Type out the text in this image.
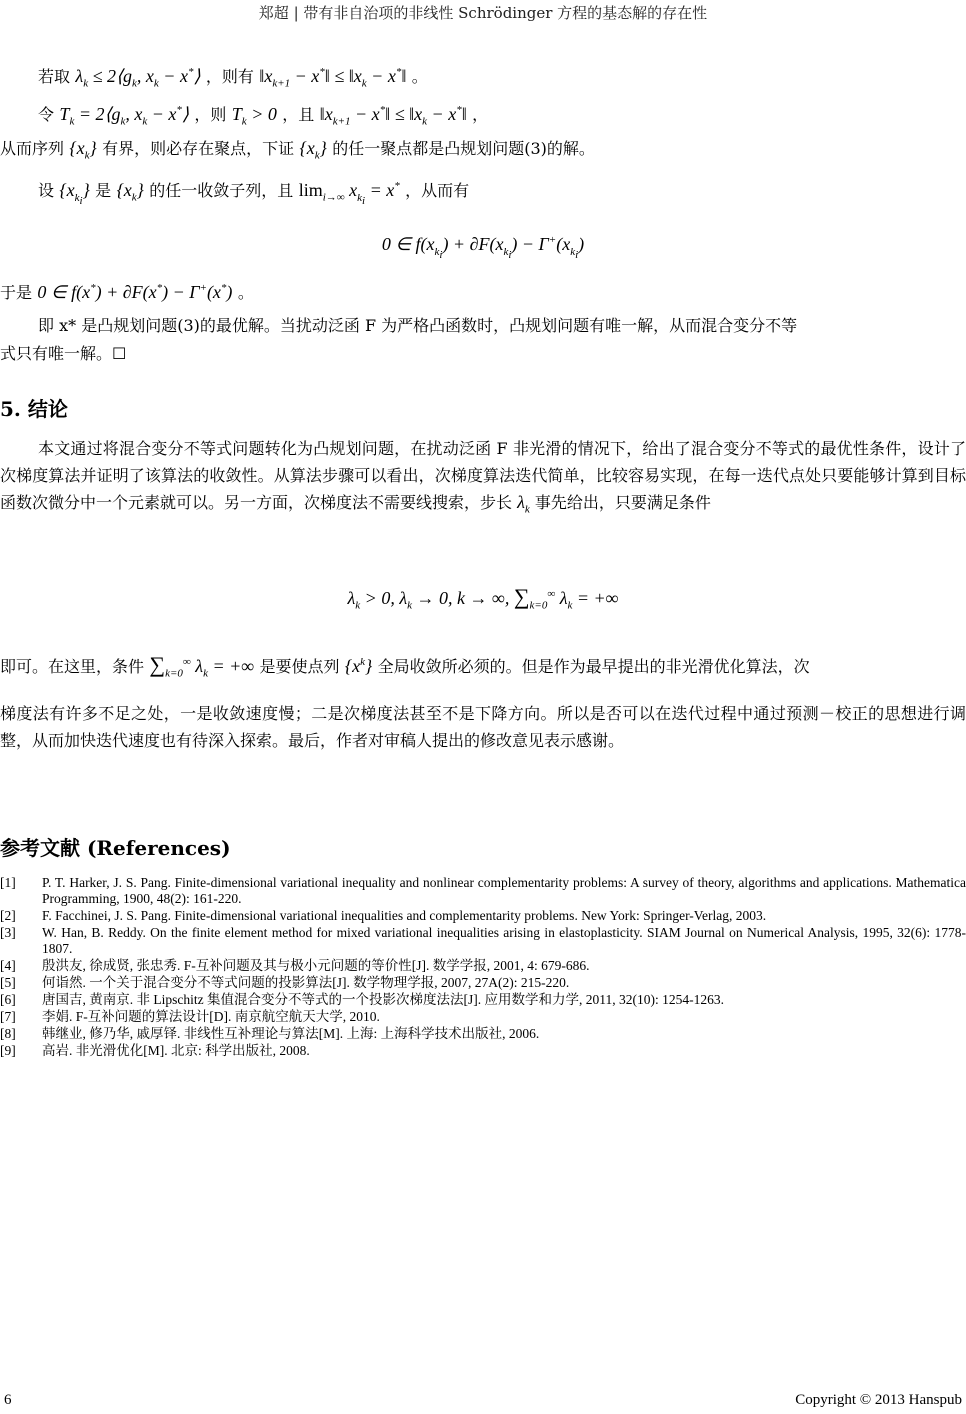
郑超 | 带有非自治项的非线性 Schrödinger 方程的基态解的存在性
若取 $\lambda_k$ ≤ $2⟨g_k$, $x_k$ − x*⟩ ，则有 $‖x_{k+1}$ − x*‖ ≤ $‖x_k$ − x*‖ 。
令 $T_k$ = $2⟨g_k$, $x_k$ − x*⟩ ，则 $T_k > 0$ ，且 $‖x_{k+1}$ − x*‖ ≤ $‖x_k$ − x*‖ ，
从而序列 $\{x_k\}$ 有界，则必存在聚点，下证 $\{x_k\}$ 的任一聚点都是凸规划问题(3)的解。
设 $\{x_{k_i}\}$ 是 $\{x_k\}$ 的任一收敛子列，且 $\lim_{i\to\infty} x_{k_i} = x^*$ ，从而有
0 ∈ $f(x_{k_i}) + \partial F(x_{k_i}) - \Gamma^+(x_{k_i})$
于是 0 ∈ f(x*) + ∂F(x*) − Γ+(x*) 。
即 x* 是凸规划问题(3)的最优解。当扰动泛函 F 为严格凸函数时，凸规划问题有唯一解，从而混合变分不等
式只有唯一解。☐
5. 结论
本文通过将混合变分不等式问题转化为凸规划问题，在扰动泛函 F 非光滑的情况下，给出了混合变分不等式的最优性条件，设计了次梯度算法并证明了该算法的收敛性。从算法步骤可以看出，次梯度算法迭代简单，比较容易实现，在每一迭代点处只要能够计算到目标函数次微分中一个元素就可以。另一方面，次梯度法不需要线搜索，步长 $\lambda_k$ 事先给出，只要满足条件
$\lambda_k > 0$, $\lambda_k \to 0$, k → ∞, $\sum_{k=0}^\infty$ $\lambda_k$ = +∞
即可。在这里，条件 $\sum_{k=0}^\infty$ $\lambda_k$ = +∞ 是要使点列 $\{x^k\}$ 全局收敛所必须的。但是作为最早提出的非光滑优化算法，次
梯度法有许多不足之处，一是收敛速度慢；二是次梯度法甚至不是下降方向。所以是否可以在迭代过程中通过预测－校正的思想进行调整，从而加快迭代速度也有待深入探索。最后，作者对审稿人提出的修改意见表示感谢。
参考文献 (References)
[1]	P. T. Harker, J. S. Pang. Finite-dimensional variational inequality and nonlinear complementarity problems: A survey of theory, algorithms and applications. Mathematica Programming, 1900, 48(2): 161-220.
[2]	F. Facchinei, J. S. Pang. Finite-dimensional variational inequalities and complementarity problems. New York: Springer-Verlag, 2003.
[3]	W. Han, B. Reddy. On the finite element method for mixed variational inequalities arising in elastoplasticity. SIAM Journal on Numerical Analysis, 1995, 32(6): 1778-1807.
[4]	殷洪友, 徐成贤, 张忠秀. F-互补问题及其与极小元问题的等价性[J]. 数学学报, 2001, 4: 679-686.
[5]	何诣然. 一个关于混合变分不等式问题的投影算法[J]. 数学物理学报, 2007, 27A(2): 215-220.
[6]	唐国吉, 黄南京. 非 Lipschitz 集值混合变分不等式的一个投影次梯度法法[J]. 应用数学和力学, 2011, 32(10): 1254-1263.
[7]	李娟. F-互补问题的算法设计[D]. 南京航空航天大学, 2010.
[8]	韩继业, 修乃华, 戚厚铎. 非线性互补理论与算法[M]. 上海: 上海科学技术出版社, 2006.
[9]	高岩. 非光滑优化[M]. 北京: 科学出版社, 2008.
6	Copyright © 2013 Hanspub
